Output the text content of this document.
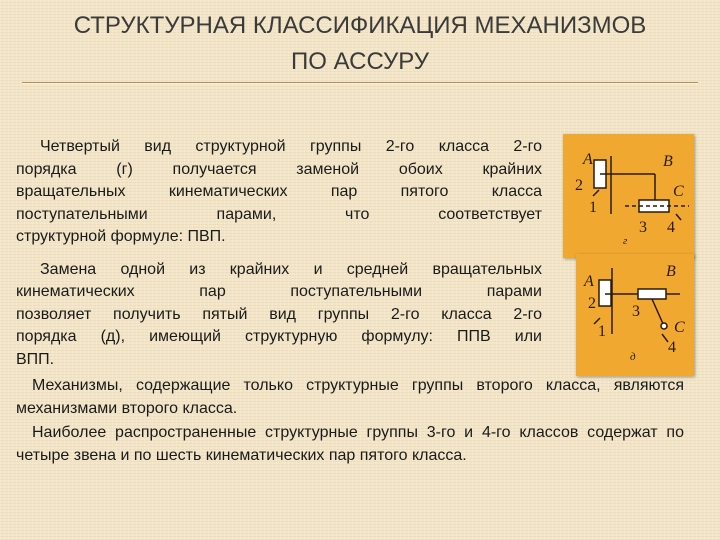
СТРУКТУРНАЯ КЛАССИФИКАЦИЯ МЕХАНИЗМОВ
ПО АССУРУ
Четвертый вид структурной группы 2-го класса 2-го
порядка (г) получается заменой обоих крайних
вращательных кинематических пар пятого класса
поступательными парами, что соответствует
структурной формуле: ПВП.
Замена одной из крайних и средней вращательных
кинематических пар поступательными парами
позволяет получить пятый вид группы 2-го класса 2-го
порядка (д), имеющий структурную формулу: ППВ или
ВПП.
A
2
1
B
C
3 4
г
A
2
1
B
3
C
4
д
Механизмы, содержащие только структурные группы второго класса, являются механизмами второго класса.
Наиболее распространенные структурные группы 3-го и 4-го классов содержат по четыре звена и по шесть кинематических пар пятого класса.
